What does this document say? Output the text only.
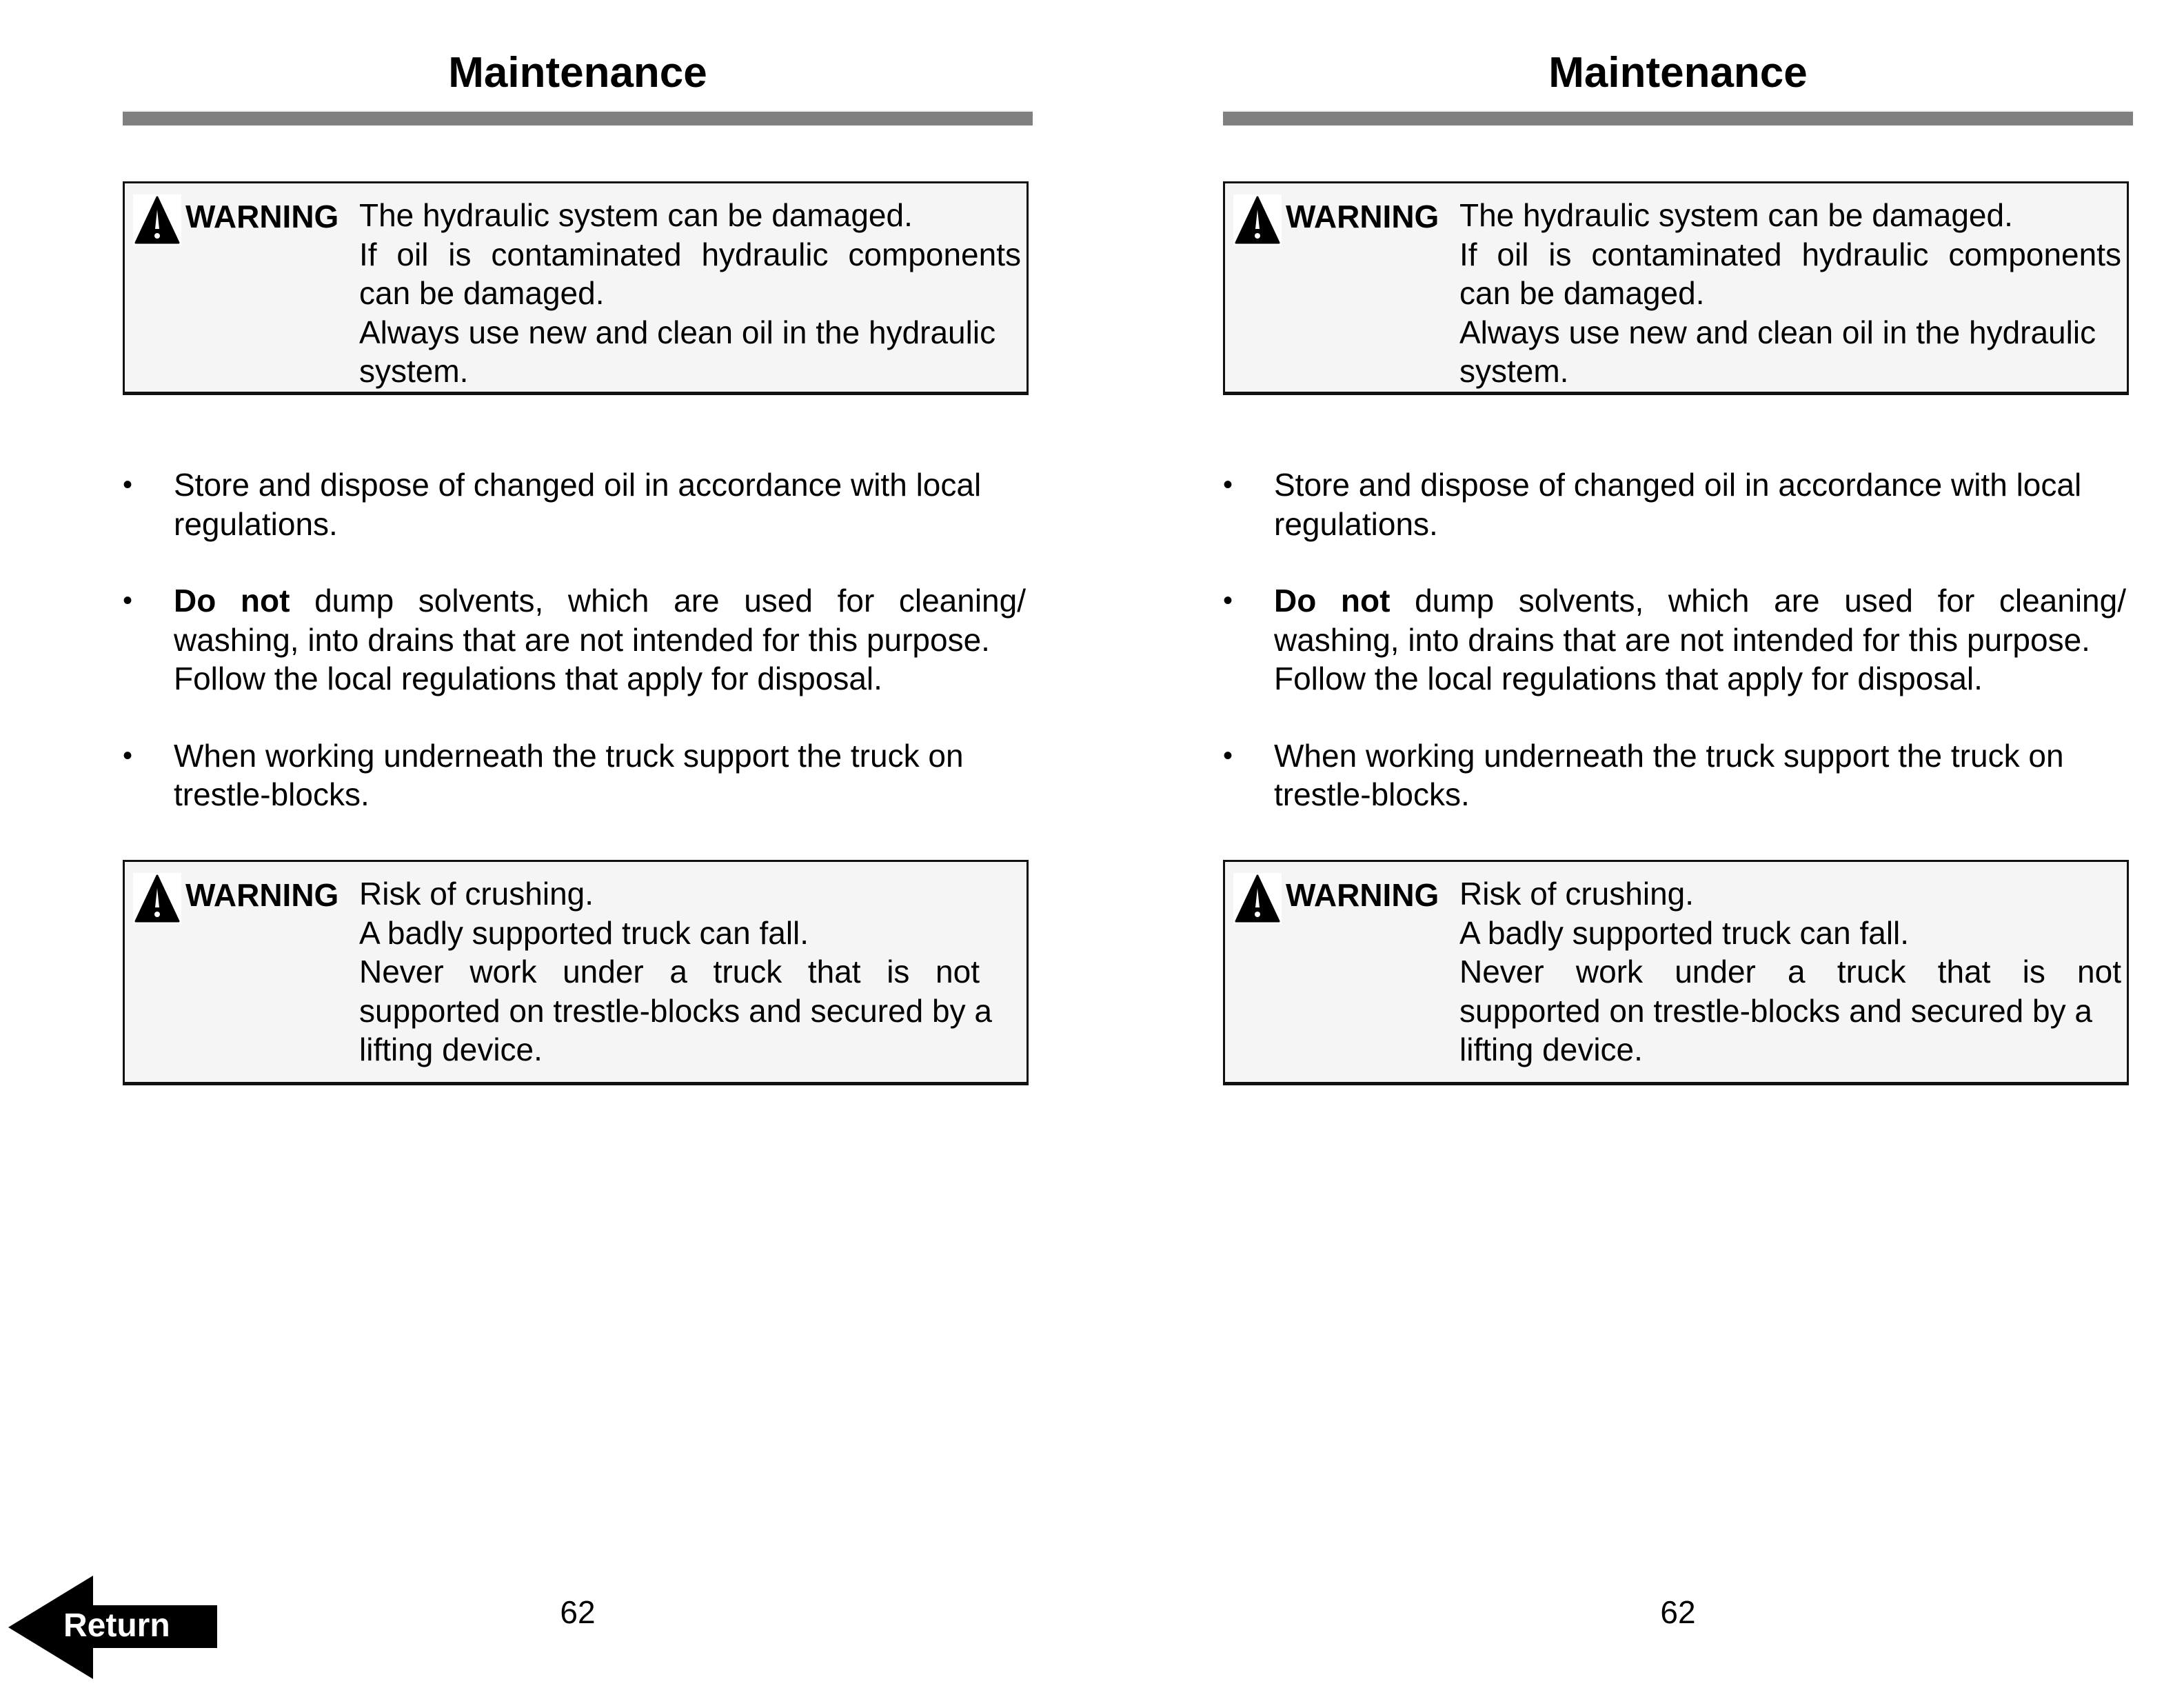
Maintenance
WARNING The hydraulic system can be damaged.
If oil is contaminated hydraulic components
can be damaged.
Always use new and clean oil in the hydraulic
system.
• Store and dispose of changed oil in accordance with local
regulations.
• Do not dump solvents, which are used for cleaning/
washing, into drains that are not intended for this purpose.
Follow the local regulations that apply for disposal.
• When working underneath the truck support the truck on
trestle-blocks.
WARNING Risk of crushing.
A badly supported truck can fall.
Never work under a truck that is not
supported on trestle-blocks and secured by a
lifting device.
62
Maintenance
WARNING The hydraulic system can be damaged.
If oil is contaminated hydraulic components
can be damaged.
Always use new and clean oil in the hydraulic
system.
• Store and dispose of changed oil in accordance with local
regulations.
• Do not dump solvents, which are used for cleaning/
washing, into drains that are not intended for this purpose.
Follow the local regulations that apply for disposal.
• When working underneath the truck support the truck on
trestle-blocks.
WARNING Risk of crushing.
A badly supported truck can fall.
Never work under a truck that is not
supported on trestle-blocks and secured by a
lifting device.
62
Return
